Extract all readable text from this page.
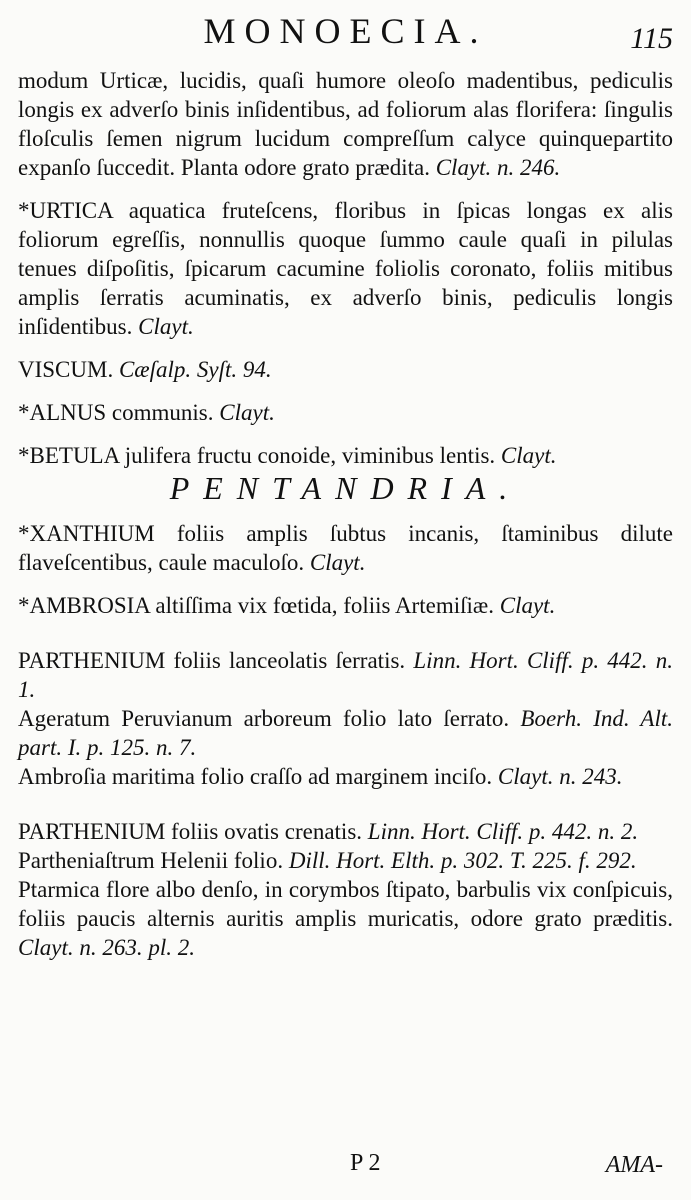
MONOECIA.	115

modum Urticæ, lucidis, quaſi humore oleoſo madentibus, pediculis longis ex adverſo binis inſidentibus, ad foliorum alas florifera: ſingulis floſculis ſemen nigrum lucidum compreſſum calyce quinquepartito expanſo ſuccedit. Planta odore grato prædita. Clayt. n. 246.

*URTICA aquatica fruteſcens, floribus in ſpicas longas ex alis foliorum egreſſis, nonnullis quoque ſummo caule quaſi in pilulas tenues diſpoſitis, ſpicarum cacumine foliolis coronato, foliis mitibus amplis ſerratis acuminatis, ex adverſo binis, pediculis longis inſidentibus. Clayt.

VISCUM. Cæſalp. Syſt. 94.

*ALNUS communis. Clayt.

*BETULA julifera fructu conoide, viminibus lentis. Clayt.

PENTANDRIA.

*XANTHIUM foliis amplis ſubtus incanis, ſtaminibus dilute flaveſcentibus, caule maculoſo. Clayt.

*AMBROSIA altiſſima vix fœtida, foliis Artemiſiæ. Clayt.

PARTHENIUM foliis lanceolatis ſerratis. Linn. Hort. Cliff. p. 442. n. 1.

Ageratum Peruvianum arboreum folio lato ſerrato. Boerh. Ind. Alt. part. I. p. 125. n. 7.

Ambroſia maritima folio craſſo ad marginem inciſo. Clayt. n. 243.

PARTHENIUM foliis ovatis crenatis. Linn. Hort. Cliff. p. 442. n. 2.

Partheniaſtrum Helenii folio. Dill. Hort. Elth. p. 302. T. 225. f. 292.

Ptarmica flore albo denſo, in corymbos ſtipato, barbulis vix conſpicuis, foliis paucis alternis auritis amplis muricatis, odore grato præditis. Clayt. n. 263. pl. 2.

P 2	AMA-
